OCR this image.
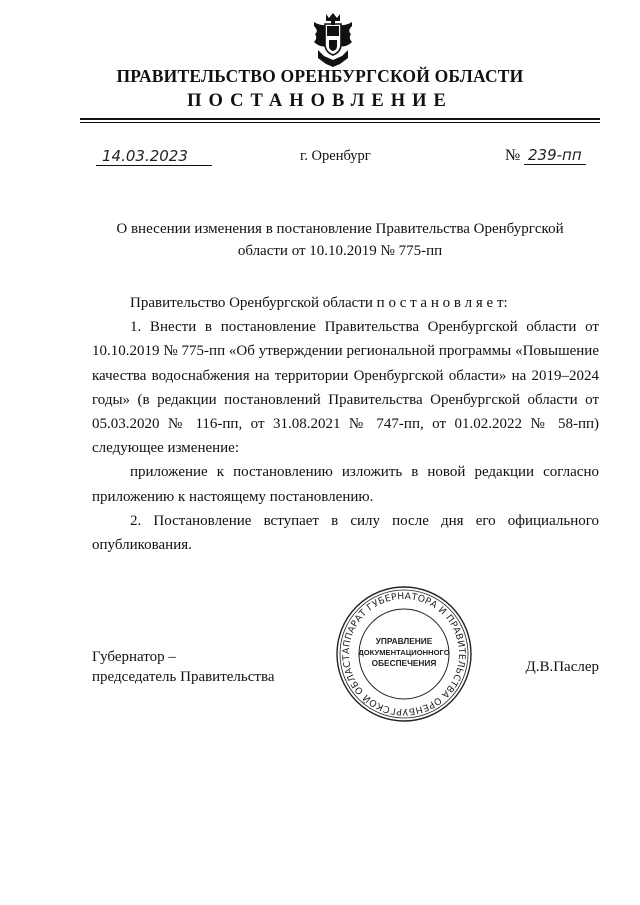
ПРАВИТЕЛЬСТВО ОРЕНБУРГСКОЙ ОБЛАСТИ
ПОСТАНОВЛЕНИЕ
14.03.2023	г. Оренбург	№ 239-пп
О внесении изменения в постановление Правительства Оренбургской области от 10.10.2019 № 775-пп

Правительство Оренбургской области п о с т а н о в л я е т:

1. Внести в постановление Правительства Оренбургской области от 10.10.2019 № 775-пп «Об утверждении региональной программы «Повышение качества водоснабжения на территории Оренбургской области» на 2019–2024 годы» (в редакции постановлений Правительства Оренбургской области от 05.03.2020 № 116-пп, от 31.08.2021 № 747-пп, от 01.02.2022 № 58-пп) следующее изменение:

приложение к постановлению изложить в новой редакции согласно приложению к настоящему постановлению.

2. Постановление вступает в силу после дня его официального опубликования.

Губернатор –
председатель Правительства
Д.В.Паслер
АППАРАТ ГУБЕРНАТОРА И ПРАВИТЕЛЬСТВА ОРЕНБУРГСКОЙ ОБЛАСТ
УПРАВЛЕНИЕ
ДОКУМЕНТАЦИОННОГО
ОБЕСПЕЧЕНИЯ
